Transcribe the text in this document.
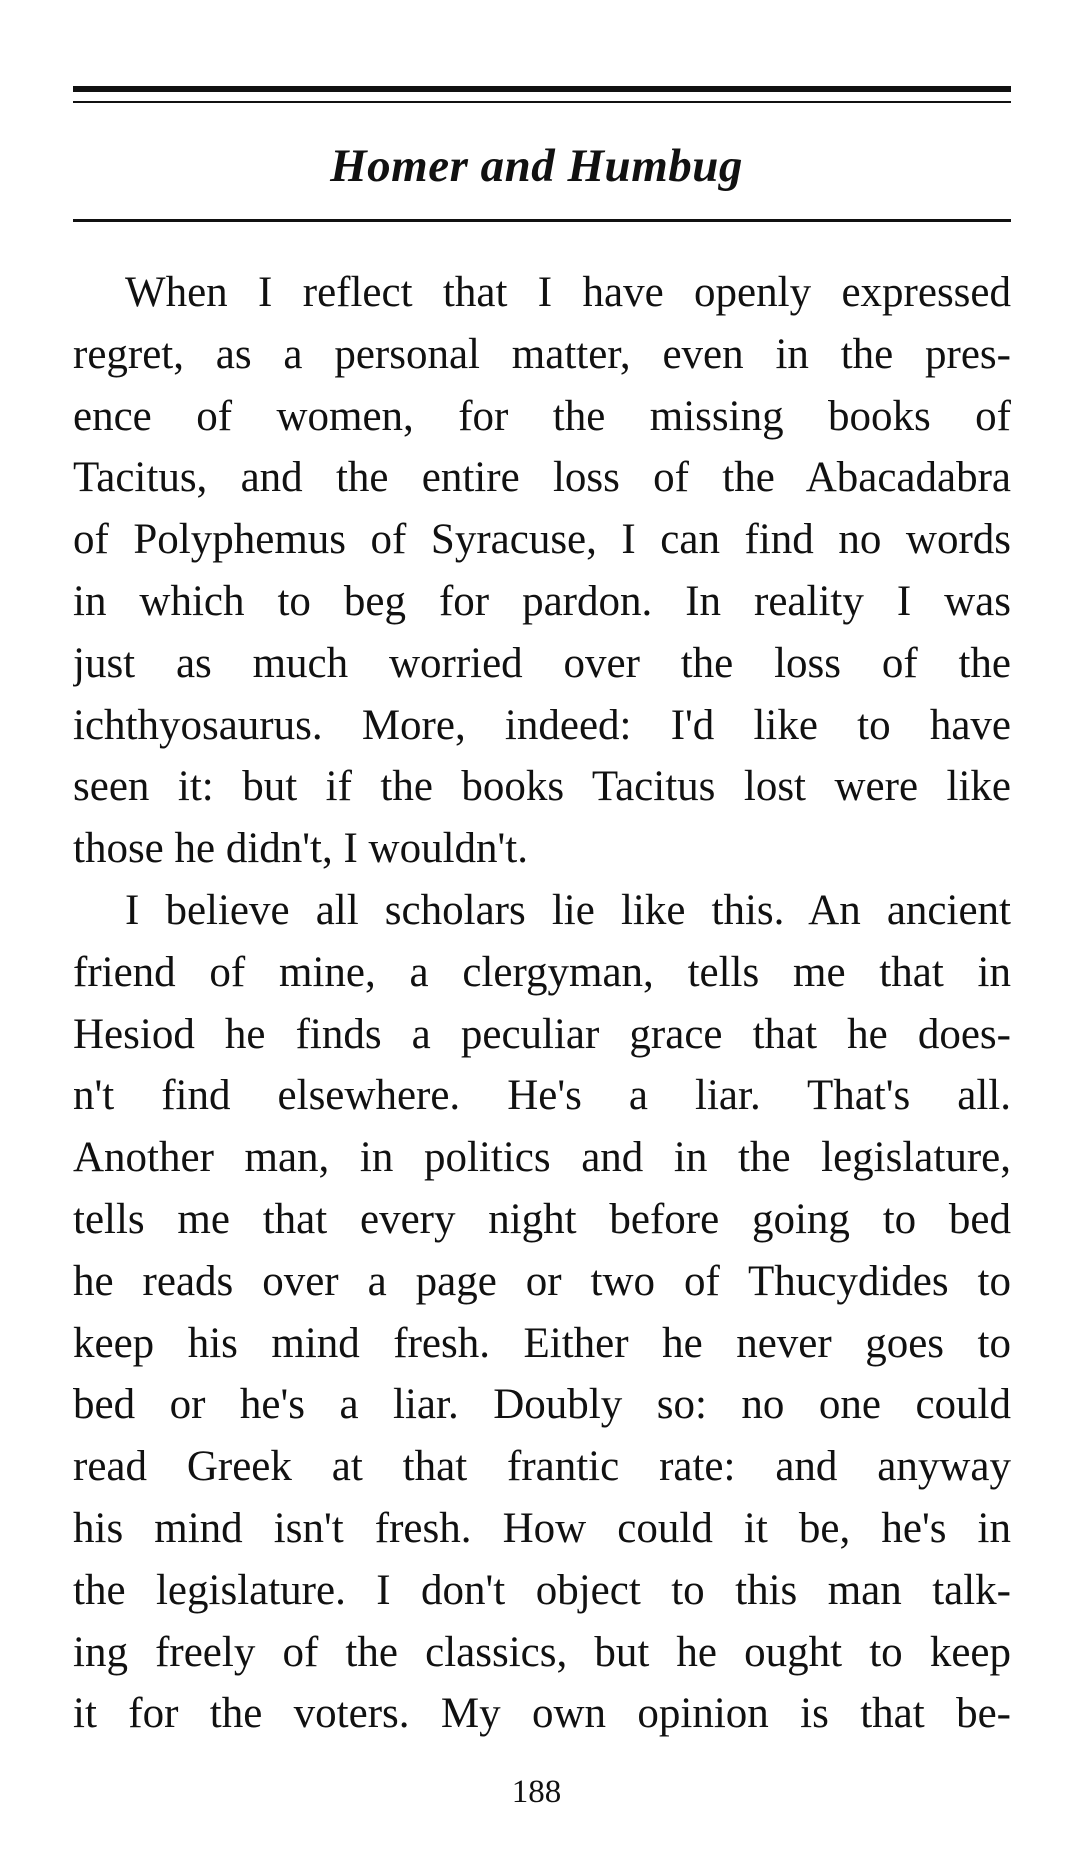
Homer and Humbug
When I reflect that I have openly expressed
regret, as a personal matter, even in the pres-
ence of women, for the missing books of
Tacitus, and the entire loss of the Abacadabra
of Polyphemus of Syracuse, I can find no words
in which to beg for pardon. In reality I was
just as much worried over the loss of the
ichthyosaurus. More, indeed: I'd like to have
seen it: but if the books Tacitus lost were like
those he didn't, I wouldn't.
I believe all scholars lie like this. An ancient
friend of mine, a clergyman, tells me that in
Hesiod he finds a peculiar grace that he does-
n't find elsewhere. He's a liar. That's all.
Another man, in politics and in the legislature,
tells me that every night before going to bed
he reads over a page or two of Thucydides to
keep his mind fresh. Either he never goes to
bed or he's a liar. Doubly so: no one could
read Greek at that frantic rate: and anyway
his mind isn't fresh. How could it be, he's in
the legislature. I don't object to this man talk-
ing freely of the classics, but he ought to keep
it for the voters. My own opinion is that be-
188
